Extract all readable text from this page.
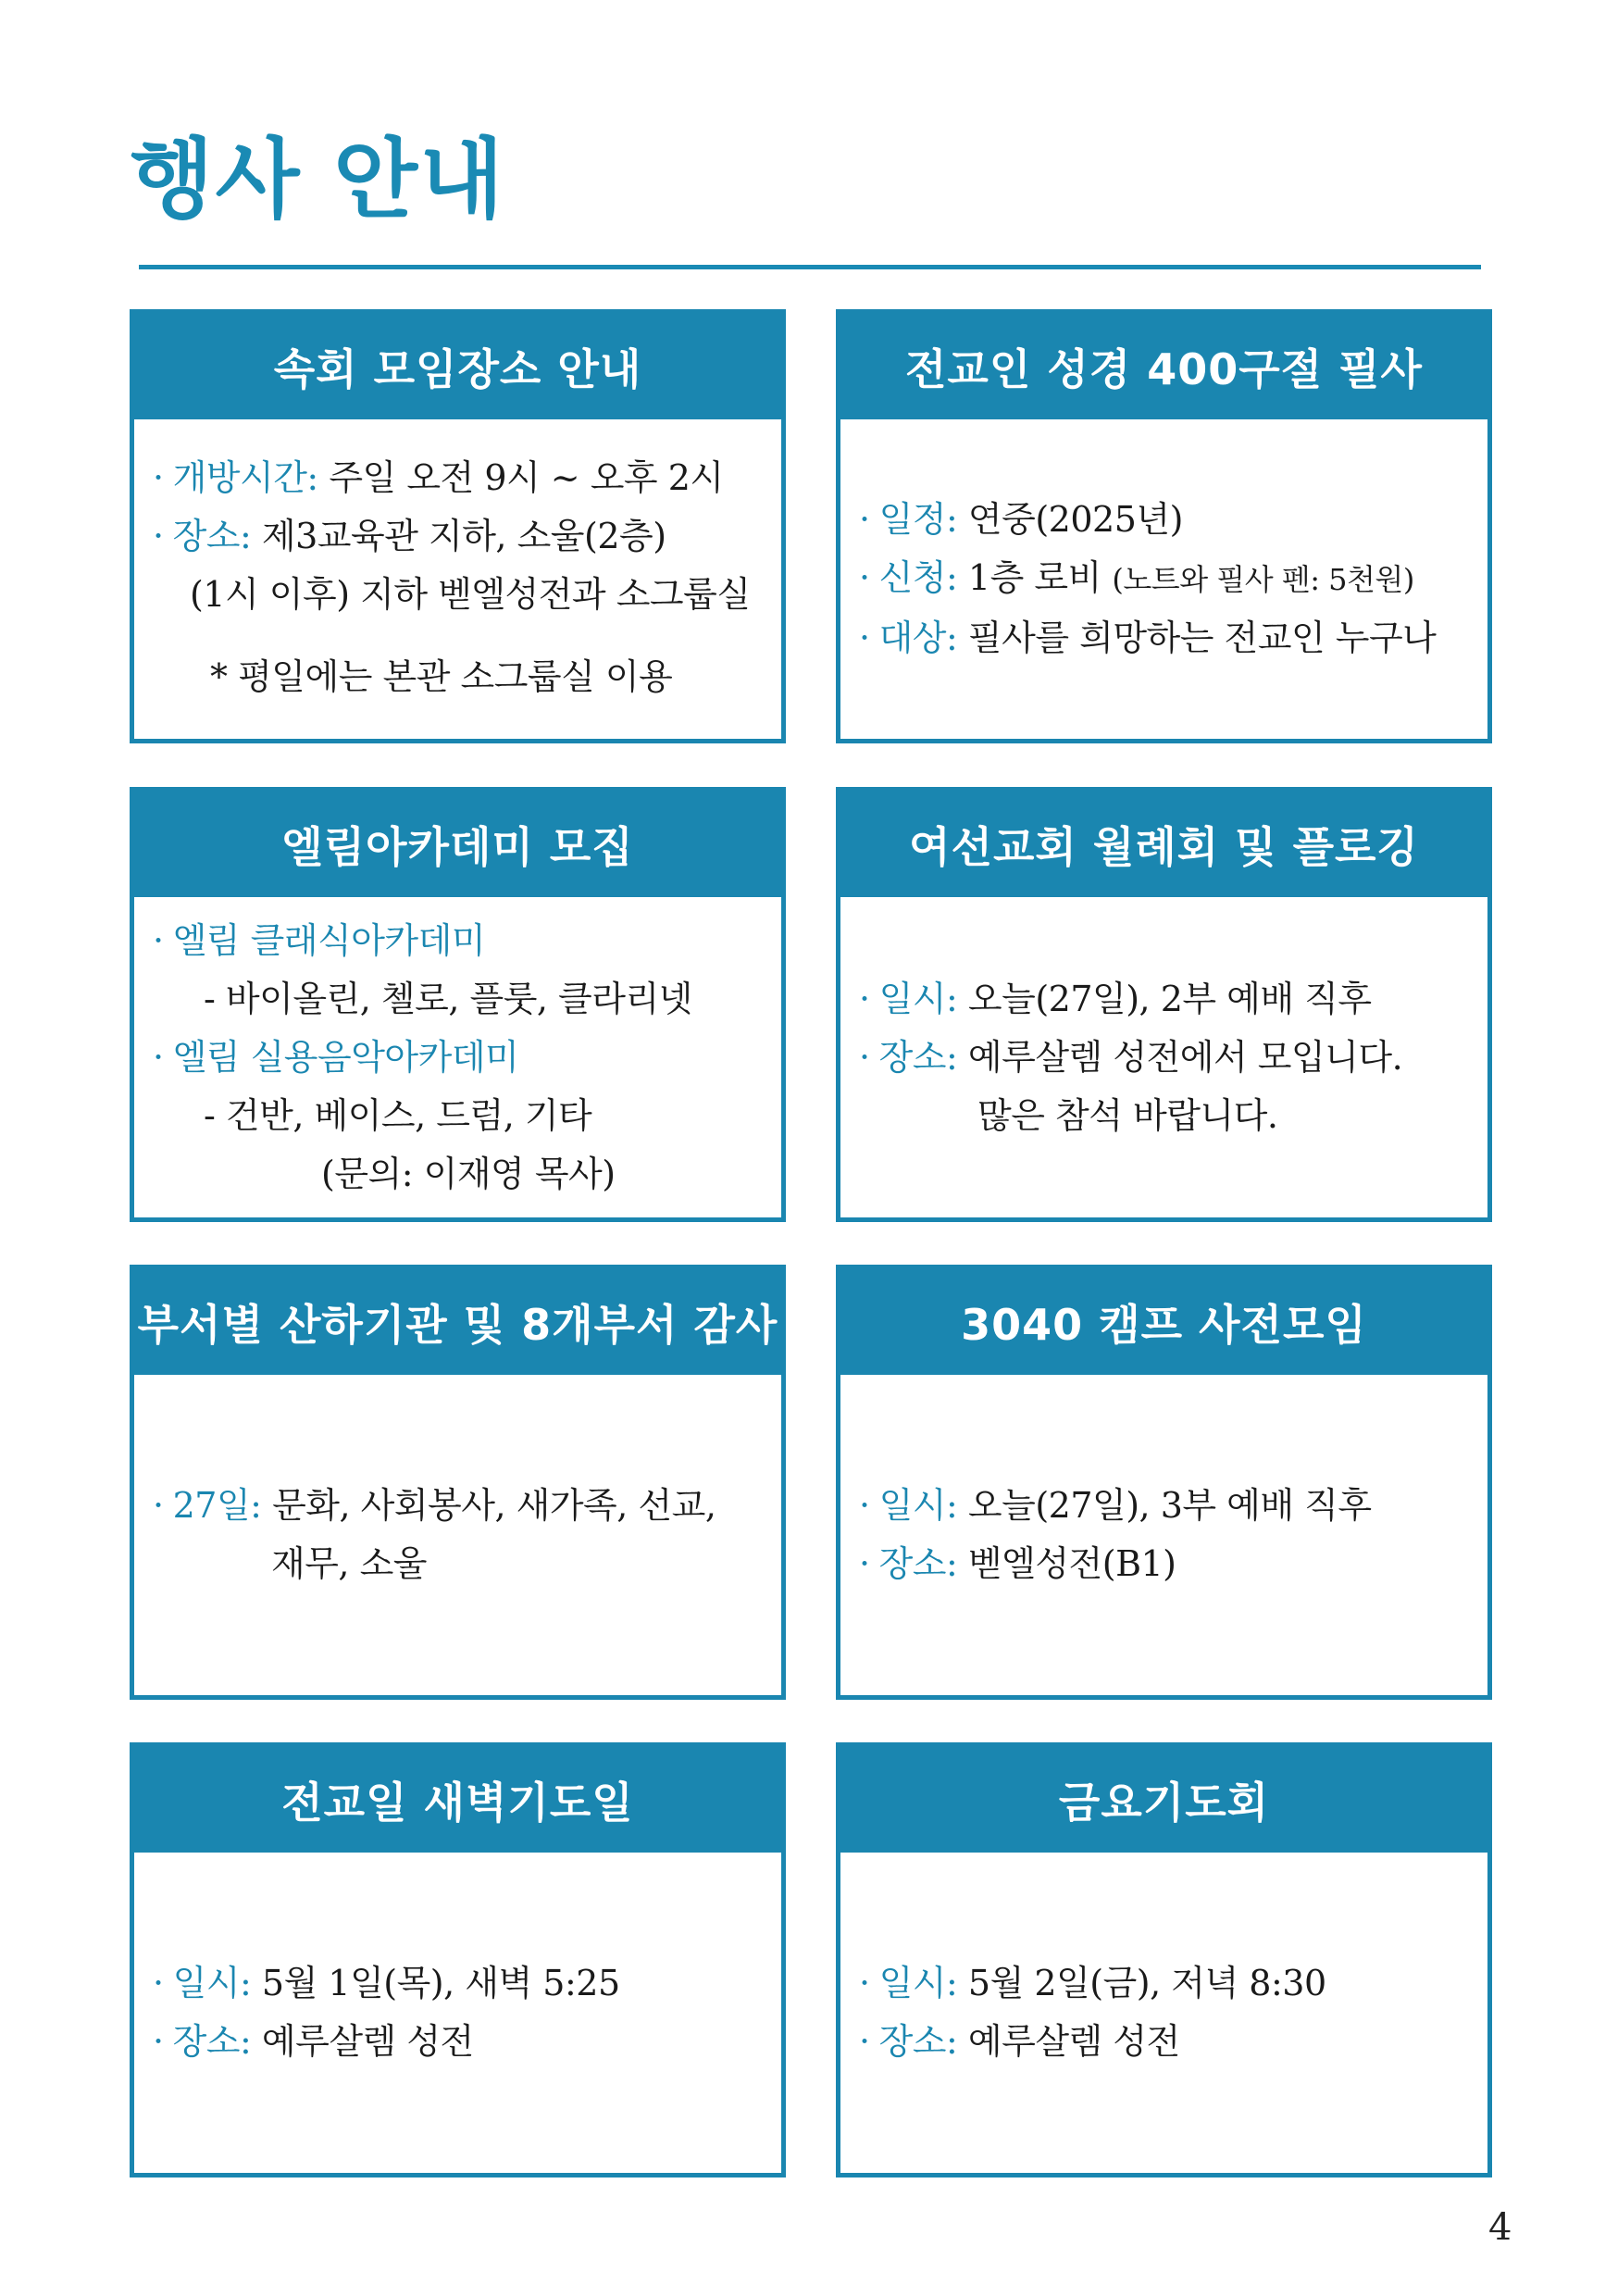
행사 안내
속회 모임장소 안내
· 개방시간: 주일 오전 9시 ~ 오후 2시
· 장소: 제3교육관 지하, 소울(2층)
(1시 이후) 지하 벧엘성전과 소그룹실
* 평일에는 본관 소그룹실 이용
전교인 성경 400구절 필사
· 일정: 연중(2025년)
· 신청: 1층 로비 (노트와 필사 펜: 5천원)
· 대상: 필사를 희망하는 전교인 누구나
엘림아카데미 모집
· 엘림 클래식아카데미
- 바이올린, 첼로, 플룻, 클라리넷
· 엘림 실용음악아카데미
- 건반, 베이스, 드럼, 기타
(문의: 이재영 목사)
여선교회 월례회 및 플로깅
· 일시: 오늘(27일), 2부 예배 직후
· 장소: 예루살렘 성전에서 모입니다.
많은 참석 바랍니다.
부서별 산하기관 및 8개부서 감사
· 27일: 문화, 사회봉사, 새가족, 선교,
재무, 소울
3040 캠프 사전모임
· 일시: 오늘(27일), 3부 예배 직후
· 장소: 벧엘성전(B1)
전교일 새벽기도일
· 일시: 5월 1일(목), 새벽 5:25
· 장소: 예루살렘 성전
금요기도회
· 일시: 5월 2일(금), 저녁 8:30
· 장소: 예루살렘 성전
4
